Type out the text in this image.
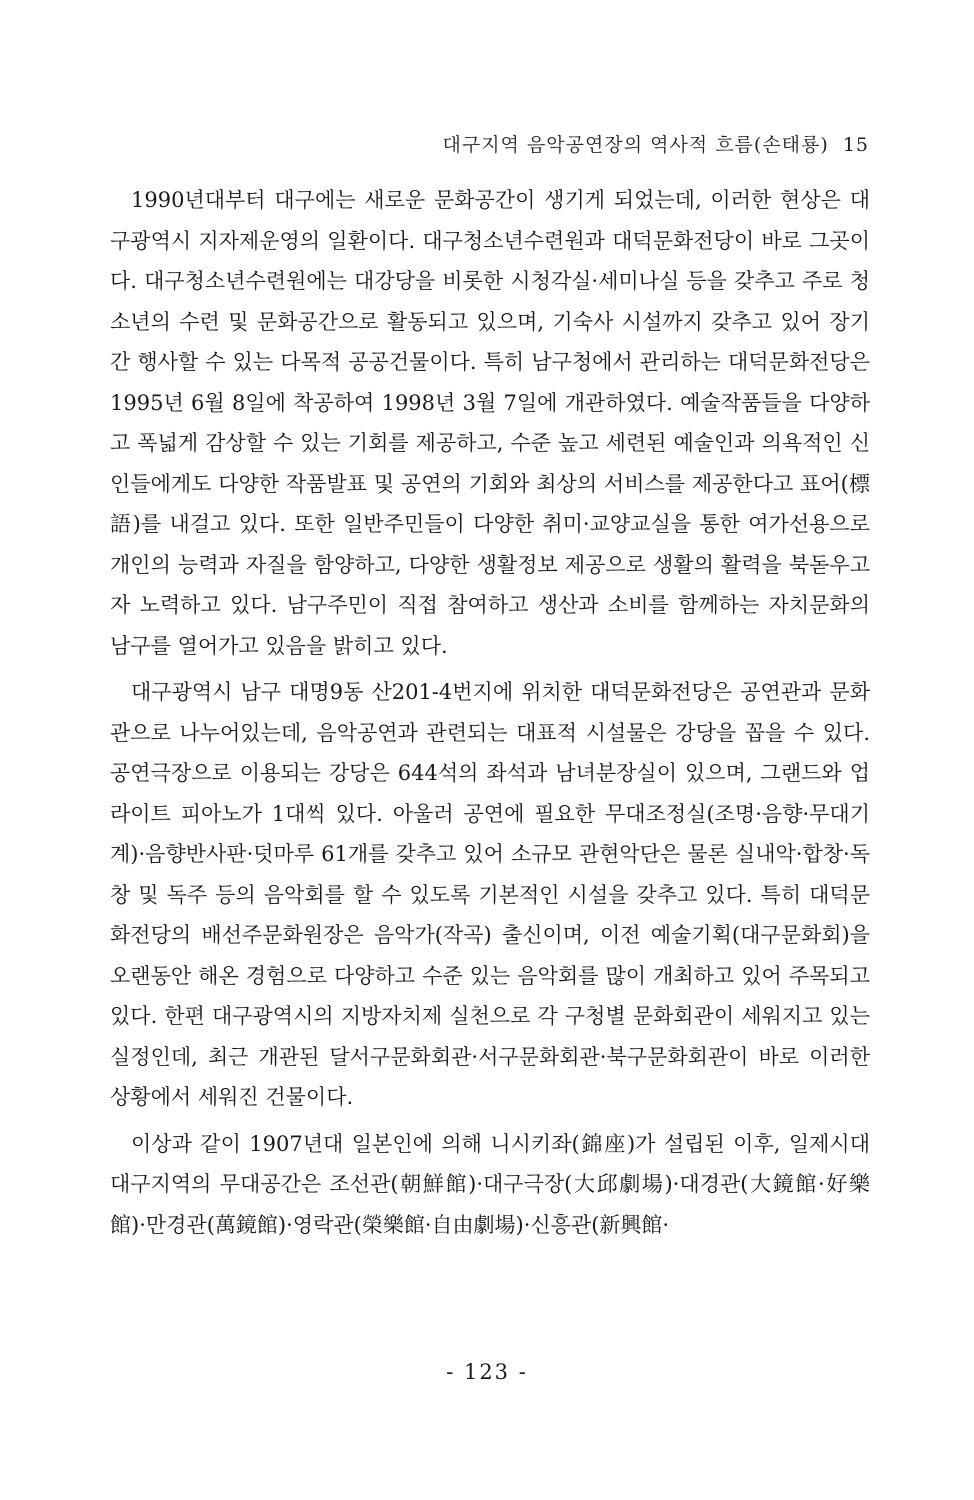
대구지역 음악공연장의 역사적 흐름(손태룡) 15

1990년대부터 대구에는 새로운 문화공간이 생기게 되었는데, 이러한 현상은 대구광역시 지자제운영의 일환이다. 대구청소년수련원과 대덕문화전당이 바로 그곳이다. 대구청소년수련원에는 대강당을 비롯한 시청각실·세미나실 등을 갖추고 주로 청소년의 수련 및 문화공간으로 활동되고 있으며, 기숙사 시설까지 갖추고 있어 장기간 행사할 수 있는 다목적 공공건물이다. 특히 남구청에서 관리하는 대덕문화전당은 1995년 6월 8일에 착공하여 1998년 3월 7일에 개관하였다. 예술작품들을 다양하고 폭넓게 감상할 수 있는 기회를 제공하고, 수준 높고 세련된 예술인과 의욕적인 신인들에게도 다양한 작품발표 및 공연의 기회와 최상의 서비스를 제공한다고 표어(標語)를 내걸고 있다. 또한 일반주민들이 다양한 취미·교양교실을 통한 여가선용으로 개인의 능력과 자질을 함양하고, 다양한 생활정보 제공으로 생활의 활력을 북돋우고자 노력하고 있다. 남구주민이 직접 참여하고 생산과 소비를 함께하는 자치문화의 남구를 열어가고 있음을 밝히고 있다.

대구광역시 남구 대명9동 산201-4번지에 위치한 대덕문화전당은 공연관과 문화관으로 나누어있는데, 음악공연과 관련되는 대표적 시설물은 강당을 꼽을 수 있다. 공연극장으로 이용되는 강당은 644석의 좌석과 남녀분장실이 있으며, 그랜드와 업라이트 피아노가 1대씩 있다. 아울러 공연에 필요한 무대조정실(조명·음향·무대기계)·음향반사판·덧마루 61개를 갖추고 있어 소규모 관현악단은 물론 실내악·합창·독창 및 독주 등의 음악회를 할 수 있도록 기본적인 시설을 갖추고 있다. 특히 대덕문화전당의 배선주문화원장은 음악가(작곡) 출신이며, 이전 예술기획(대구문화회)을 오랜동안 해온 경험으로 다양하고 수준 있는 음악회를 많이 개최하고 있어 주목되고 있다. 한편 대구광역시의 지방자치제 실천으로 각 구청별 문화회관이 세워지고 있는 실정인데, 최근 개관된 달서구문화회관·서구문화회관·북구문화회관이 바로 이러한 상황에서 세워진 건물이다.

이상과 같이 1907년대 일본인에 의해 니시키좌(錦座)가 설립된 이후, 일제시대 대구지역의 무대공간은 조선관(朝鮮館)·대구극장(大邱劇場)·대경관(大鏡館·好樂館)·만경관(萬鏡館)·영락관(榮樂館·自由劇場)·신흥관(新興館·

- 123 -
